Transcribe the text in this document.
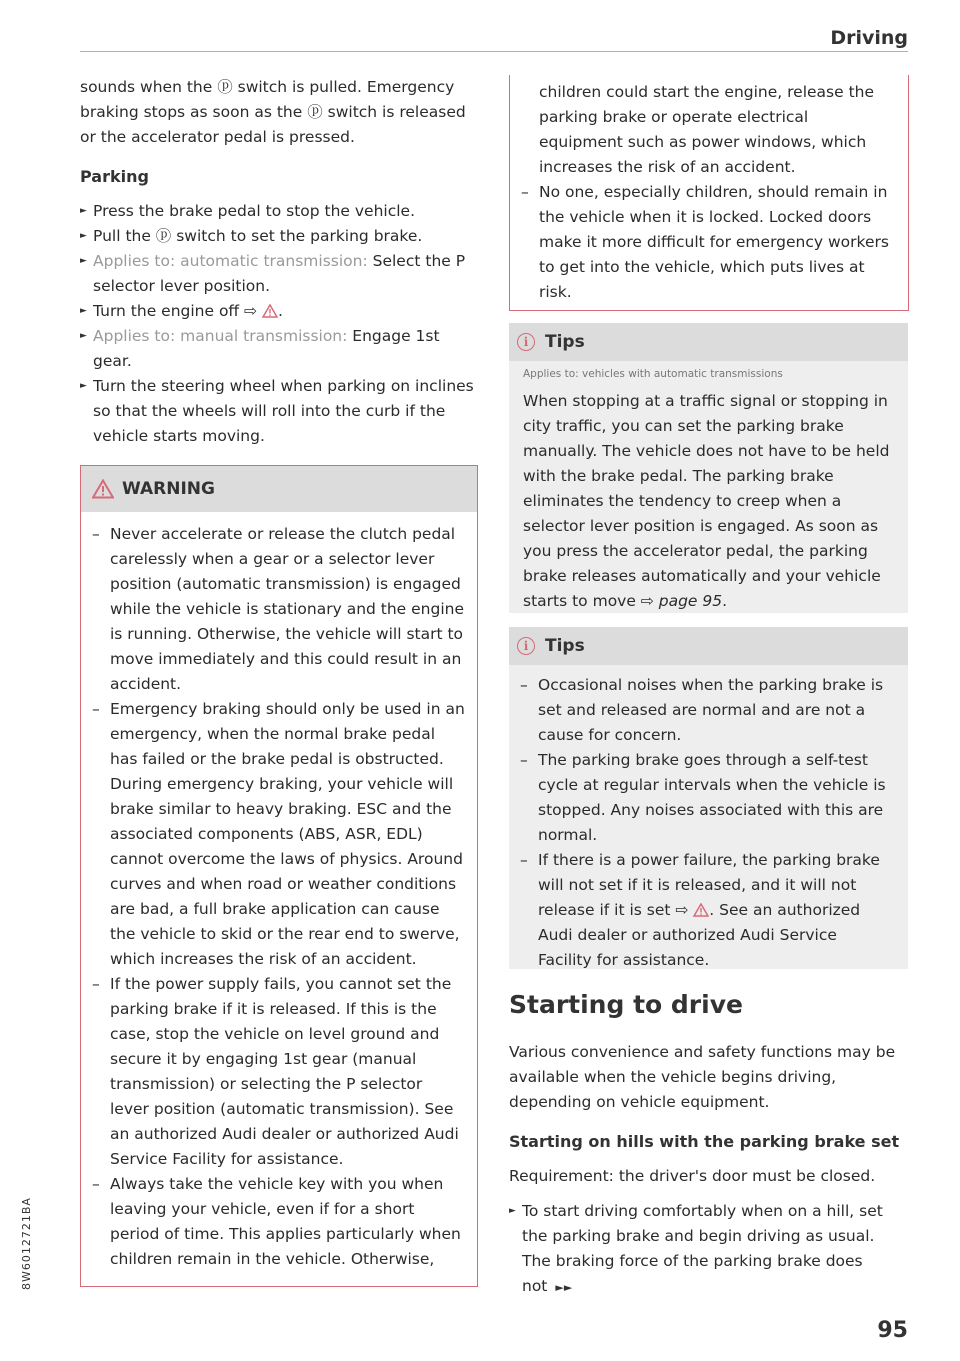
Driving
8W6012721BA

sounds when the ⓟ switch is pulled. Emergency braking stops as soon as the ⓟ switch is released or the accelerator pedal is pressed.

Parking
► Press the brake pedal to stop the vehicle.
► Pull the ⓟ switch to set the parking brake.
► Applies to: automatic transmission: Select the P selector lever position.
► Turn the engine off ⇨ .
► Applies to: manual transmission: Engage 1st gear.
► Turn the steering wheel when parking on inclines so that the wheels will roll into the curb if the vehicle starts moving.
WARNING
– Never accelerate or release the clutch pedal carelessly when a gear or a selector lever position (automatic transmission) is engaged while the vehicle is stationary and the engine is running. Otherwise, the vehicle will start to move immediately and this could result in an accident.
– Emergency braking should only be used in an emergency, when the normal brake pedal has failed or the brake pedal is obstructed. During emergency braking, your vehicle will brake similar to heavy braking. ESC and the associated components (ABS, ASR, EDL) cannot overcome the laws of physics. Around curves and when road or weather conditions are bad, a full brake application can cause the vehicle to skid or the rear end to swerve, which increases the risk of an accident.
– If the power supply fails, you cannot set the parking brake if it is released. If this is the case, stop the vehicle on level ground and secure it by engaging 1st gear (manual transmission) or selecting the P selector lever position (automatic transmission). See an authorized Audi dealer or authorized Audi Service Facility for assistance.
– Always take the vehicle key with you when leaving your vehicle, even if for a short period of time. This applies particularly when children remain in the vehicle. Otherwise,
children could start the engine, release the parking brake or operate electrical equipment such as power windows, which increases the risk of an accident.
– No one, especially children, should remain in the vehicle when it is locked. Locked doors make it more difficult for emergency workers to get into the vehicle, which puts lives at risk.
i Tips

Applies to: vehicles with automatic transmissions

When stopping at a traffic signal or stopping in city traffic, you can set the parking brake manually. The vehicle does not have to be held with the brake pedal. The parking brake eliminates the tendency to creep when a selector lever position is engaged. As soon as you press the accelerator pedal, the parking brake releases automatically and your vehicle starts to move ⇨ page 95.

i Tips
– Occasional noises when the parking brake is set and released are normal and are not a cause for concern.
– The parking brake goes through a self-test cycle at regular intervals when the vehicle is stopped. Any noises associated with this are normal.
– If there is a power failure, the parking brake will not set if it is released, and it will not release if it is set ⇨ . See an authorized Audi dealer or authorized Audi Service Facility for assistance.
Starting to drive

Various convenience and safety functions may be available when the vehicle begins driving, depending on vehicle equipment.

Starting on hills with the parking brake set

Requirement: the driver's door must be closed.

► To start driving comfortably when on a hill, set the parking brake and begin driving as usual. The braking force of the parking brake does not ►►
95
